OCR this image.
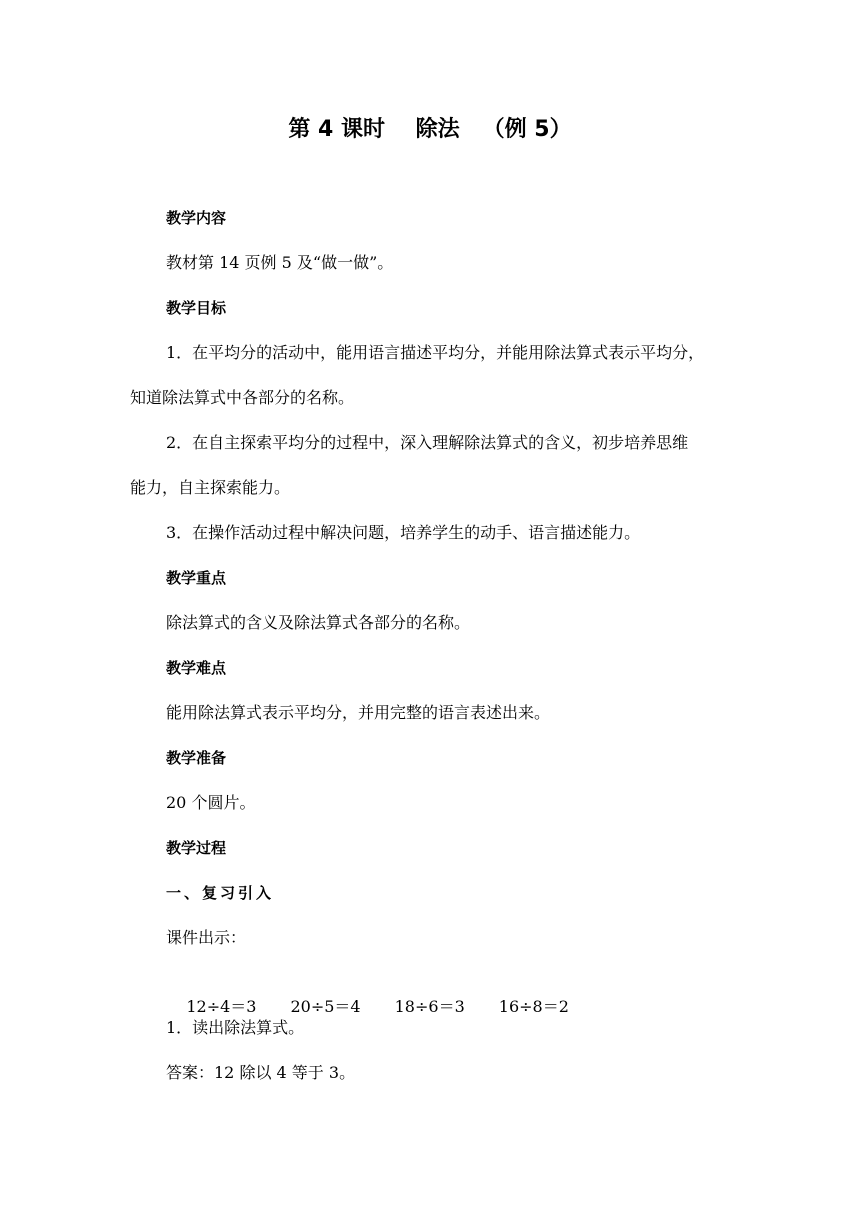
第 4 课时    除法   （例 5）
教学内容
教材第 14 页例 5 及“做一做”。
教学目标
1．在平均分的活动中，能用语言描述平均分，并能用除法算式表示平均分，
知道除法算式中各部分的名称。
2．在自主探索平均分的过程中，深入理解除法算式的含义，初步培养思维
能力，自主探索能力。
3．在操作活动过程中解决问题，培养学生的动手、语言描述能力。
教学重点
除法算式的含义及除法算式各部分的名称。
教学难点
能用除法算式表示平均分，并用完整的语言表述出来。
教学准备
20 个圆片。
教学过程
一、复习引入
课件出示：

12÷4＝3 20÷5＝4 18÷6＝3 16÷8＝2

1．读出除法算式。
答案：12 除以 4 等于 3。
